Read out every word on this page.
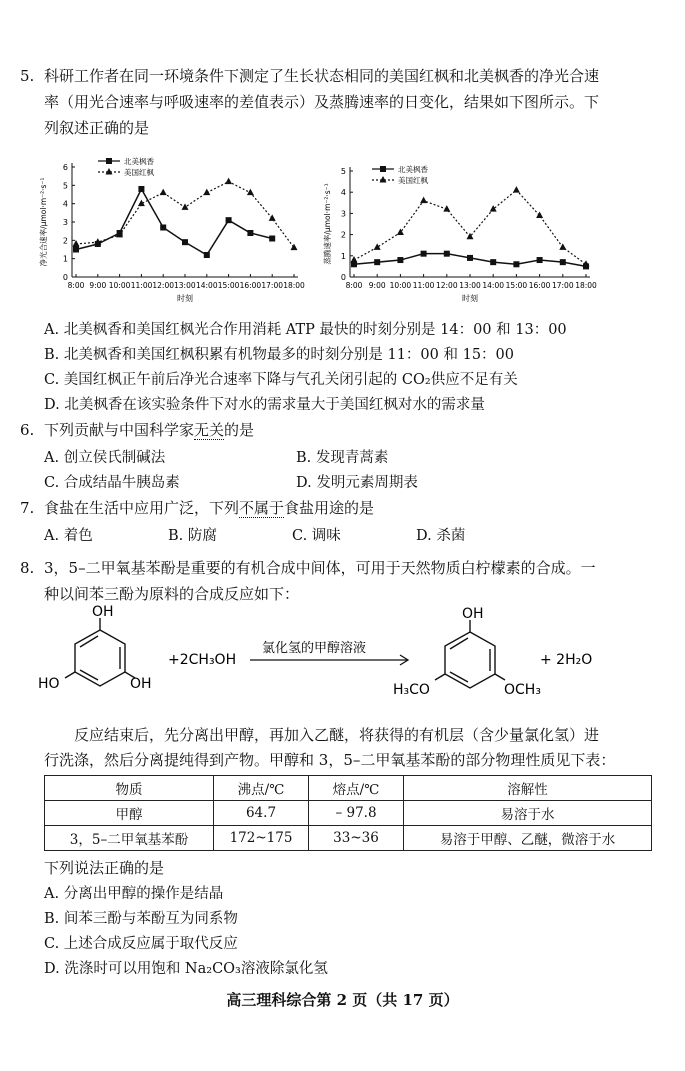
5. 科研工作者在同一环境条件下测定了生长状态相同的美国红枫和北美枫香的净光合速
率（用光合速率与呼吸速率的差值表示）及蒸腾速率的日变化，结果如下图所示。下
列叙述正确的是
0
1
2
3
4
5
6
8:00 9:00 10:00 11:0012:0013:00 14:00 15:00 16:00 17:00 18:00
时刻
净光合速率/μmol·m⁻²·s⁻¹
北美枫香
美国红枫
0
1
2
3
4
5
8:00 9:00 10:00 11:00 12:00 13:00 14:00 15:00 16:00 17:00 18:00
时刻
蒸腾速率/μmol·m⁻²·s⁻¹
北美枫香
美国红枫
A. 北美枫香和美国红枫光合作用消耗 ATP 最快的时刻分别是 14：00 和 13：00
B. 北美枫香和美国红枫积累有机物最多的时刻分别是 11：00 和 15：00
C. 美国红枫正午前后净光合速率下降与气孔关闭引起的 CO₂供应不足有关
D. 北美枫香在该实验条件下对水的需求量大于美国红枫对水的需求量
6. 下列贡献与中国科学家无关的是
A. 创立侯氏制碱法	B. 发现青蒿素
C. 合成结晶牛胰岛素	D. 发明元素周期表
7. 食盐在生活中应用广泛，下列不属于食盐用途的是
A. 着色	B. 防腐	C. 调味	D. 杀菌
8. 3，5–二甲氧基苯酚是重要的有机合成中间体，可用于天然物质白柠檬素的合成。一
种以间苯三酚为原料的合成反应如下：
OH
HO	OH
+2CH₃OH
氯化氢的甲醇溶液
OH
H₃CO	OCH₃
+ 2H₂O
反应结束后，先分离出甲醇，再加入乙醚，将获得的有机层（含少量氯化氢）进
行洗涤，然后分离提纯得到产物。甲醇和 3，5–二甲氧基苯酚的部分物理性质见下表：
物质	沸点/℃	熔点/℃	溶解性
甲醇	64.7	– 97.8	易溶于水
3，5–二甲氧基苯酚	172~175	33~36	易溶于甲醇、乙醚，微溶于水
下列说法正确的是
A. 分离出甲醇的操作是结晶
B. 间苯三酚与苯酚互为同系物
C. 上述合成反应属于取代反应
D. 洗涤时可以用饱和 Na₂CO₃溶液除氯化氢
高三理科综合第 2 页（共 17 页）
